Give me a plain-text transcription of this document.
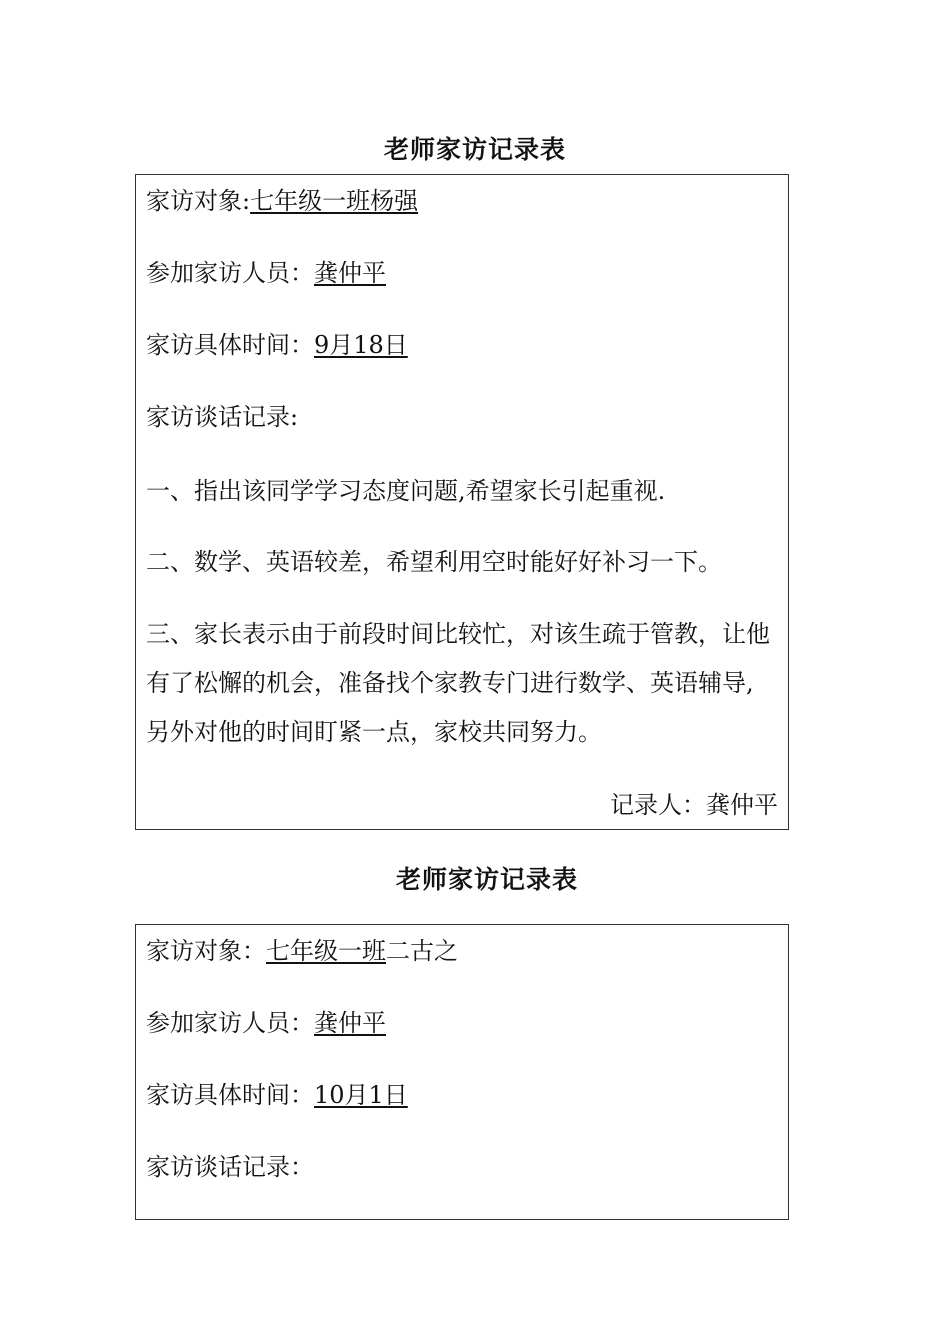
老师家访记录表
家访对象:七年级一班杨强
参加家访人员：龚仲平
家访具体时间：9月18日
家访谈话记录:
一、指出该同学学习态度问题,希望家长引起重视.
二、数学、英语较差，希望利用空时能好好补习一下。

三、家长表示由于前段时间比较忙，对该生疏于管教，让他有了松懈的机会，准备找个家教专门进行数学、英语辅导,另外对他的时间盯紧一点，家校共同努力。

记录人：龚仲平
老师家访记录表
家访对象：七年级一班二古之
参加家访人员：龚仲平
家访具体时间：10月1日
家访谈话记录：
